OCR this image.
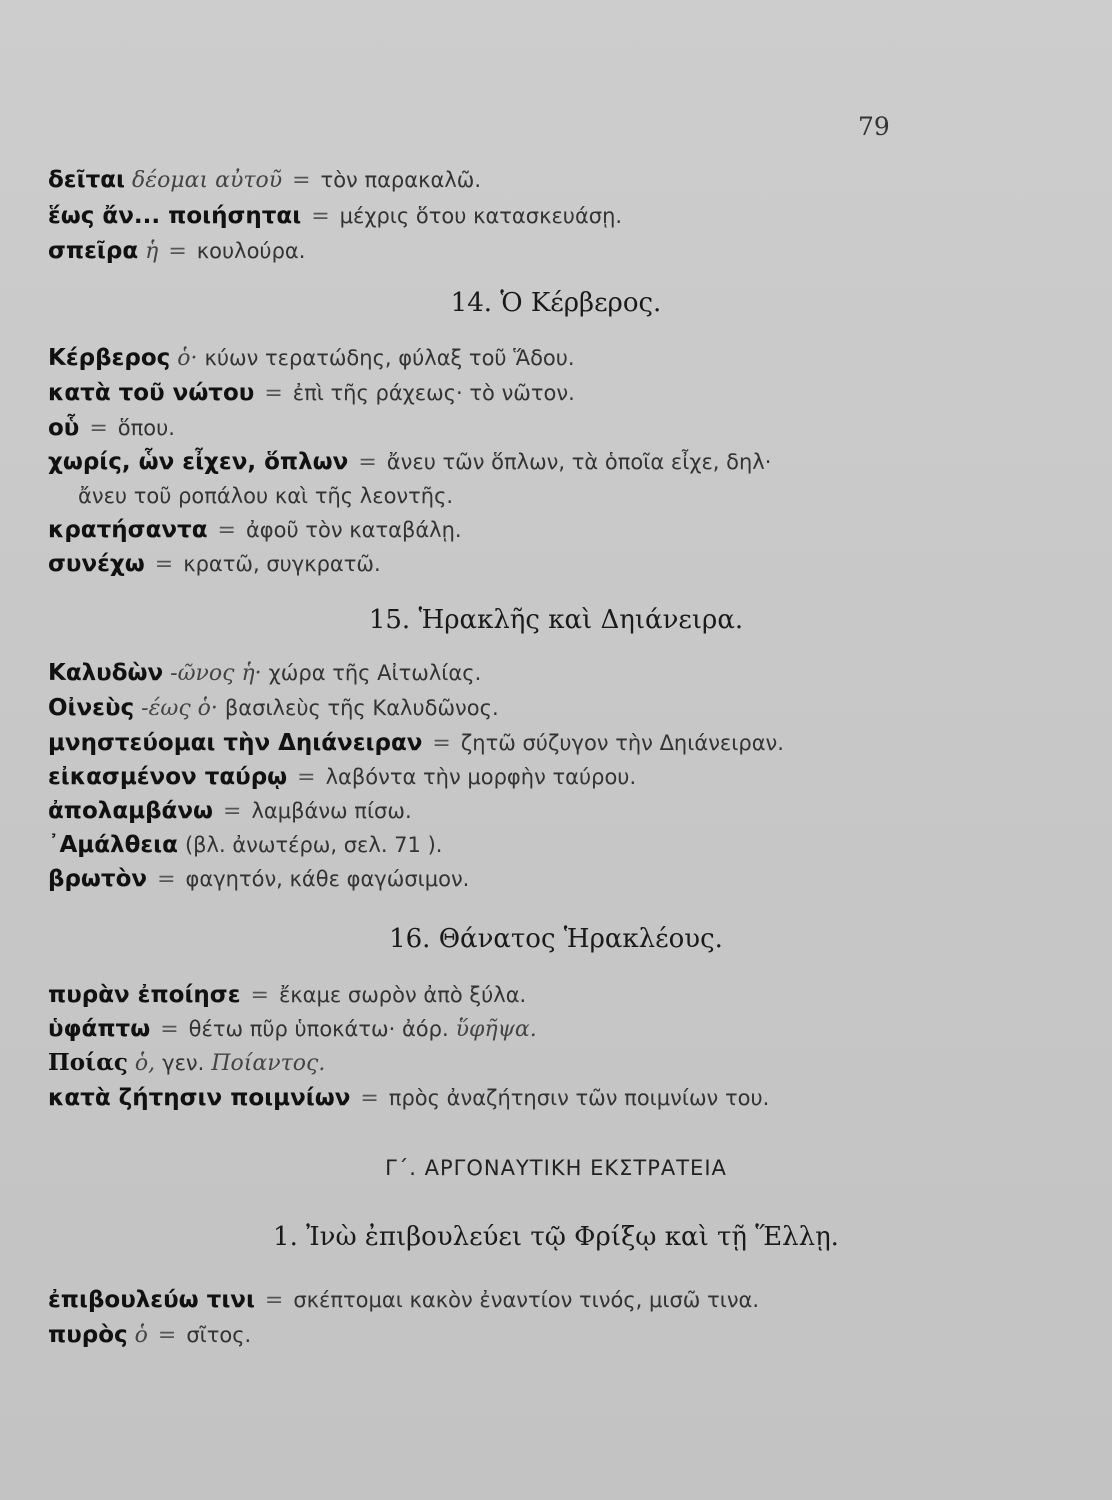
79
δεῖται δέομαι αὐτοῦ = τὸν παρακαλῶ.
ἕως ἄν... ποιήσηται = μέχρις ὅτου κατασκευάσῃ.
σπεῖρα ἡ = κουλούρα.
14. Ὁ Κέρβερος.
Κέρβερος ὁ· κύων τερατώδης, φύλαξ τοῦ Ἅδου.
κατὰ τοῦ νώτου = ἐπὶ τῆς ράχεως· τὸ νῶτον.
οὗ = ὅπου.
χωρίς, ὧν εἶχεν, ὅπλων = ἄνευ τῶν ὅπλων, τὰ ὁποῖα εἶχε, δηλ·
ἄνευ τοῦ ροπάλου καὶ τῆς λεοντῆς.
κρατήσαντα = ἀφοῦ τὸν καταβάλῃ.
συνέχω = κρατῶ, συγκρατῶ.
15. Ἡρακλῆς καὶ Δηιάνειρα.
Καλυδὼν -ῶνος ἡ· χώρα τῆς Αἰτωλίας.
Οἰνεὺς -έως ὁ· βασιλεὺς τῆς Καλυδῶνος.
μνηστεύομαι τὴν Δηιάνειραν = ζητῶ σύζυγον τὴν Δηιάνειραν.
εἰκασμένον ταύρῳ = λαβόντα τὴν μορφὴν ταύρου.
ἀπολαμβάνω = λαμβάνω πίσω.
᾿Αμάλθεια (βλ. ἀνωτέρω, σελ. 71 ).
βρωτὸν = φαγητόν, κάθε φαγώσιμον.
16. Θάνατος Ἡρακλέους.
πυρὰν ἐποίησε = ἔκαμε σωρὸν ἀπὸ ξύλα.
ὑφάπτω = θέτω πῦρ ὑποκάτω· ἀόρ. ὕφῆψα.
Ποίας ὁ, γεν. Ποίαντος.
κατὰ ζήτησιν ποιμνίων = πρὸς ἀναζήτησιν τῶν ποιμνίων του.
Γ΄. ΑΡΓΟΝΑΥΤΙΚΗ ΕΚΣΤΡΑΤΕΙΑ
1. Ἰνὼ ἐπιβουλεύει τῷ Φρίξῳ καὶ τῇ Ἕλλῃ.
ἐπιβουλεύω τινι = σκέπτομαι κακὸν ἐναντίον τινός, μισῶ τινα.
πυρὸς ὁ = σῖτος.
